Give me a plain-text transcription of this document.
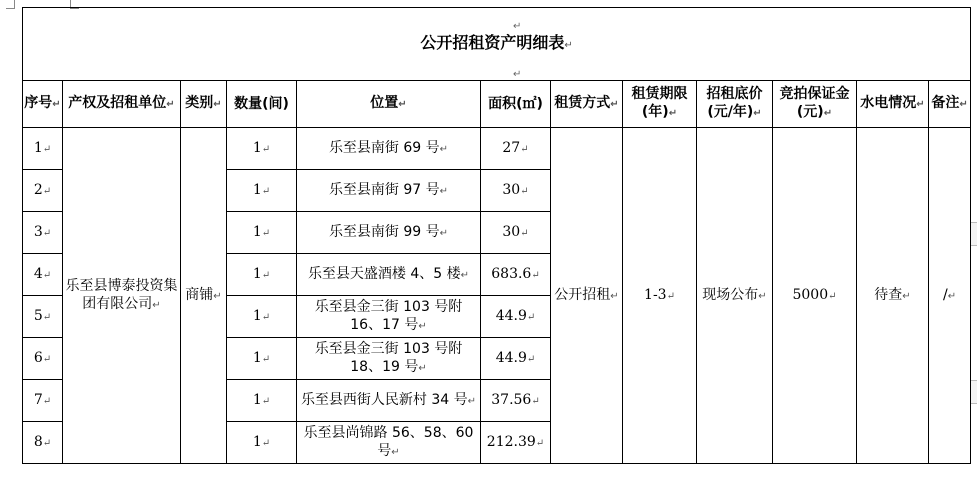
↵
公开招租资产明细表↵
↵											

序号↵	产权及招租单位↵	类别↵	数量(间)	位置↵	面积(㎡)	租赁方式↵	租赁期限(年)↵	招租底价(元/年)↵	竞拍保证金(元)↵	水电情况↵	备注↵
1↵	乐至县博泰投资集团有限公司↵	商铺↵	1↵	乐至县南街 69 号↵	27↵	公开招租↵	1-3↵	现场公布↵	5000↵	待查↵	/↵
2↵			1↵	乐至县南街 97 号↵	30↵						
3↵			1↵	乐至县南街 99 号↵	30↵						
4↵			1↵	乐至县天盛酒楼 4、5 楼↵	683.6↵						
5↵			1↵	乐至县金三街 103 号附 16、17 号↵	44.9↵						
6↵			1↵	乐至县金三街 103 号附 18、19 号↵	44.9↵						
7↵			1↵	乐至县西街人民新村 34 号↵	37.56↵						
8↵			1↵	乐至县尚锦路 56、58、60 号↵	212.39↵						
